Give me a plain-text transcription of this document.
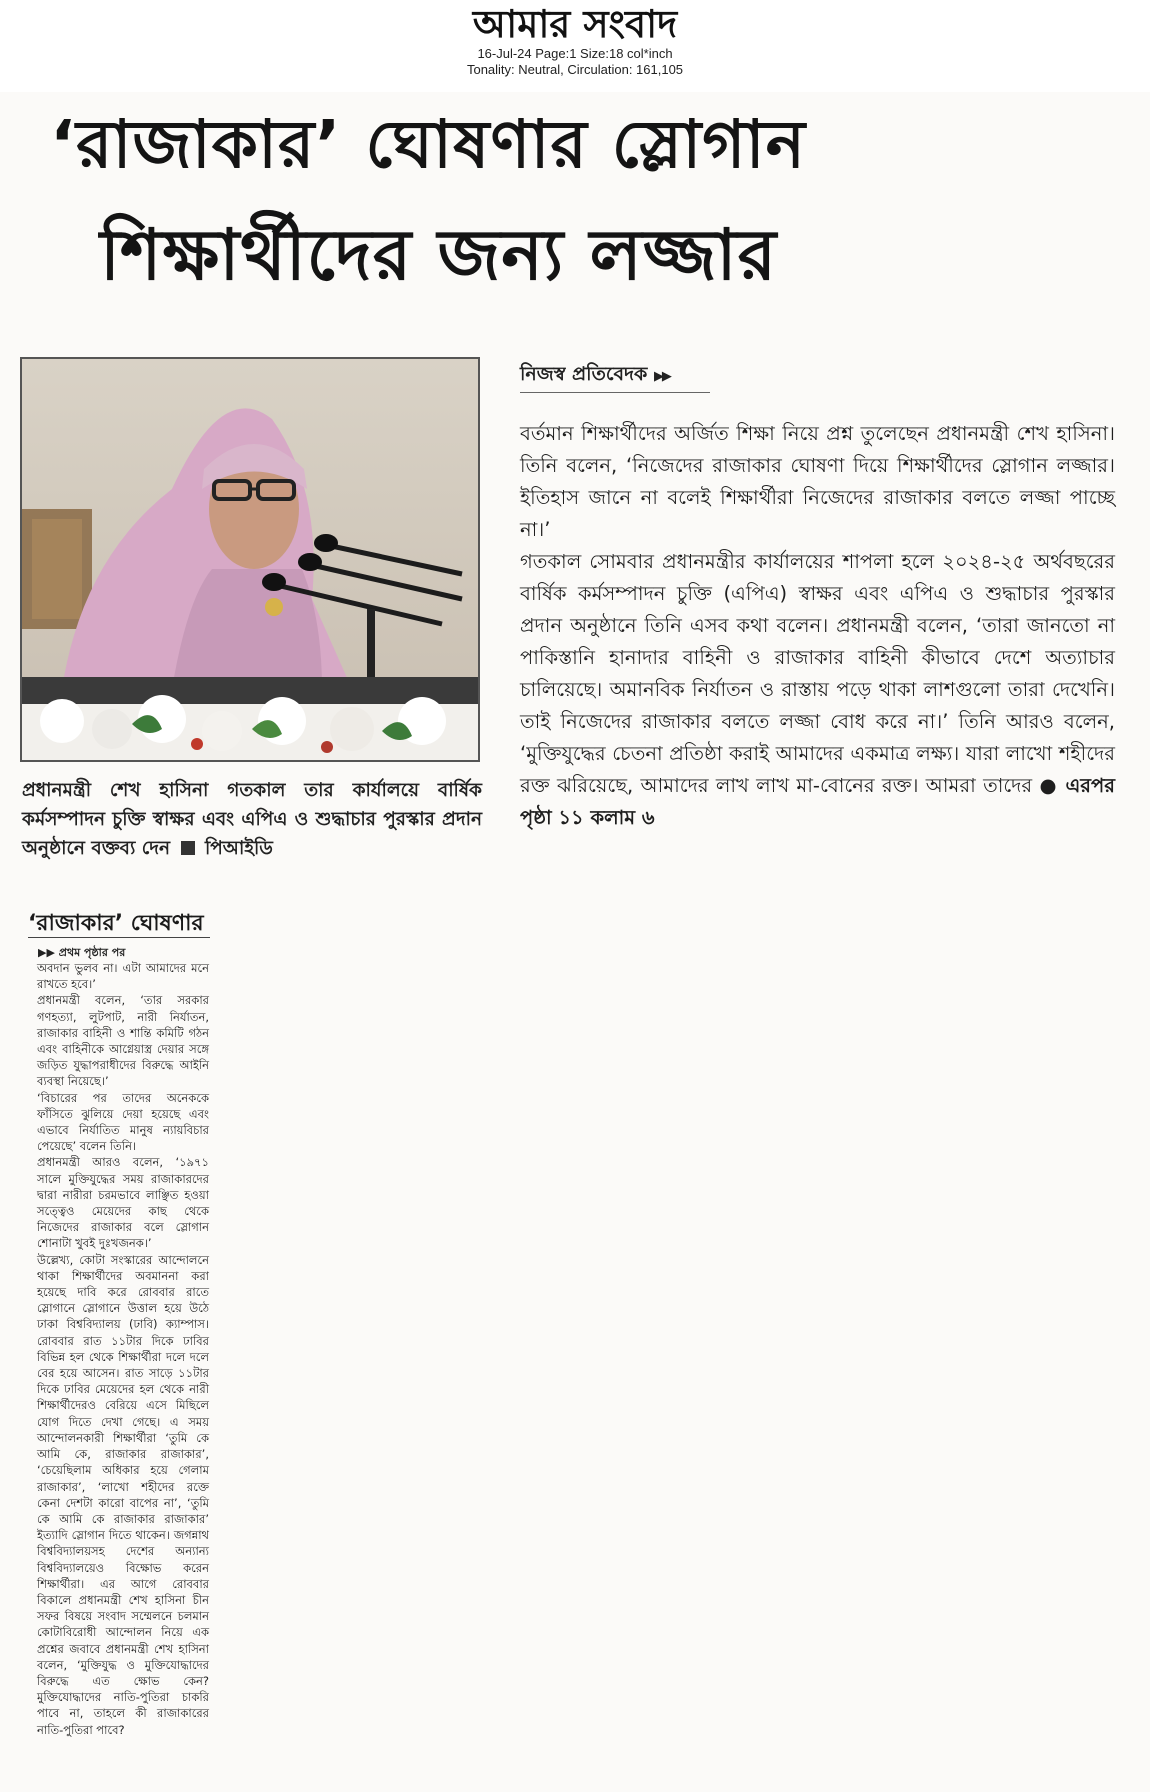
আমার সংবাদ
16-Jul-24 Page:1 Size:18 col*inch
Tonality: Neutral, Circulation: 161,105
‘রাজাকার’ ঘোষণার স্লোগান
শিক্ষার্থীদের জন্য লজ্জার
প্রধানমন্ত্রী শেখ হাসিনা গতকাল তার কার্যালয়ে বার্ষিক কর্মসম্পাদন চুক্তি স্বাক্ষর এবং এপিএ ও শুদ্ধাচার পুরস্কার প্রদান অনুষ্ঠানে বক্তব্য দেন পিআইডি
নিজস্ব প্রতিবেদক ▶▶

বর্তমান শিক্ষার্থীদের অর্জিত শিক্ষা নিয়ে প্রশ্ন তুলেছেন প্রধানমন্ত্রী শেখ হাসিনা। তিনি বলেন, ‘নিজেদের রাজাকার ঘোষণা দিয়ে শিক্ষার্থীদের স্লোগান লজ্জার। ইতিহাস জানে না বলেই শিক্ষার্থীরা নিজেদের রাজাকার বলতে লজ্জা পাচ্ছে না।’

গতকাল সোমবার প্রধানমন্ত্রীর কার্যালয়ের শাপলা হলে ২০২৪-২৫ অর্থবছরের বার্ষিক কর্মসম্পাদন চুক্তি (এপিএ) স্বাক্ষর এবং এপিএ ও শুদ্ধাচার পুরস্কার প্রদান অনুষ্ঠানে তিনি এসব কথা বলেন। প্রধানমন্ত্রী বলেন, ‘তারা জানতো না পাকিস্তানি হানাদার বাহিনী ও রাজাকার বাহিনী কীভাবে দেশে অত্যাচার চালিয়েছে। অমানবিক নির্যাতন ও রাস্তায় পড়ে থাকা লাশগুলো তারা দেখেনি। তাই নিজেদের রাজাকার বলতে লজ্জা বোধ করে না।’ তিনি আরও বলেন, ‘মুক্তিযুদ্ধের চেতনা প্রতিষ্ঠা করাই আমাদের একমাত্র লক্ষ্য। যারা লাখো শহীদের রক্ত ঝরিয়েছে, আমাদের লাখ লাখ মা-বোনের রক্ত। আমরা তাদের ● এরপর পৃষ্ঠা ১১ কলাম ৬

‘রাজাকার’ ঘোষণার
▶▶ প্রথম পৃষ্ঠার পর

অবদান ভুলব না। এটা আমাদের মনে রাখতে হবে।’

প্রধানমন্ত্রী বলেন, ‘তার সরকার গণহত্যা, লুটপাট, নারী নির্যাতন, রাজাকার বাহিনী ও শান্তি কমিটি গঠন এবং বাহিনীকে আগ্নেয়াস্ত্র দেয়ার সঙ্গে জড়িত যুদ্ধাপরাধীদের বিরুদ্ধে আইনি ব্যবস্থা নিয়েছে।’

‘বিচারের পর তাদের অনেককে ফাঁসিতে ঝুলিয়ে দেয়া হয়েছে এবং এভাবে নির্যাতিত মানুষ ন্যায়বিচার পেয়েছে’ বলেন তিনি।

প্রধানমন্ত্রী আরও বলেন, ‘১৯৭১ সালে মুক্তিযুদ্ধের সময় রাজাকারদের দ্বারা নারীরা চরমভাবে লাঞ্ছিত হওয়া সত্ত্বেও মেয়েদের কাছ থেকে নিজেদের রাজাকার বলে স্লোগান শোনাটা খুবই দুঃখজনক।’

উল্লেখ্য, কোটা সংস্কারের আন্দোলনে থাকা শিক্ষার্থীদের অবমাননা করা হয়েছে দাবি করে রোববার রাতে স্লোগানে স্লোগানে উত্তাল হয়ে উঠে ঢাকা বিশ্ববিদ্যালয় (ঢাবি) ক্যাম্পাস। রোববার রাত ১১টার দিকে ঢাবির বিভিন্ন হল থেকে শিক্ষার্থীরা দলে দলে বের হয়ে আসেন। রাত সাড়ে ১১টার দিকে ঢাবির মেয়েদের হল থেকে নারী শিক্ষার্থীদেরও বেরিয়ে এসে মিছিলে যোগ দিতে দেখা গেছে। এ সময় আন্দোলনকারী শিক্ষার্থীরা ‘তুমি কে আমি কে, রাজাকার রাজাকার’, ‘চেয়েছিলাম অধিকার হয়ে গেলাম রাজাকার’, ‘লাখো শহীদের রক্তে কেনা দেশটা কারো বাপের না’, ‘তুমি কে আমি কে রাজাকার রাজাকার’ ইত্যাদি স্লোগান দিতে থাকেন। জগন্নাথ বিশ্ববিদ্যালয়সহ দেশের অন্যান্য বিশ্ববিদ্যালয়েও বিক্ষোভ করেন শিক্ষার্থীরা। এর আগে রোববার বিকালে প্রধানমন্ত্রী শেখ হাসিনা চীন সফর বিষয়ে সংবাদ সম্মেলনে চলমান কোটাবিরোধী আন্দোলন নিয়ে এক প্রশ্নের জবাবে প্রধানমন্ত্রী শেখ হাসিনা বলেন, ‘মুক্তিযুদ্ধ ও মুক্তিযোদ্ধাদের বিরুদ্ধে এত ক্ষোভ কেন? মুক্তিযোদ্ধাদের নাতি-পুতিরা চাকরি পাবে না, তাহলে কী রাজাকারের নাতি-পুতিরা পাবে?
